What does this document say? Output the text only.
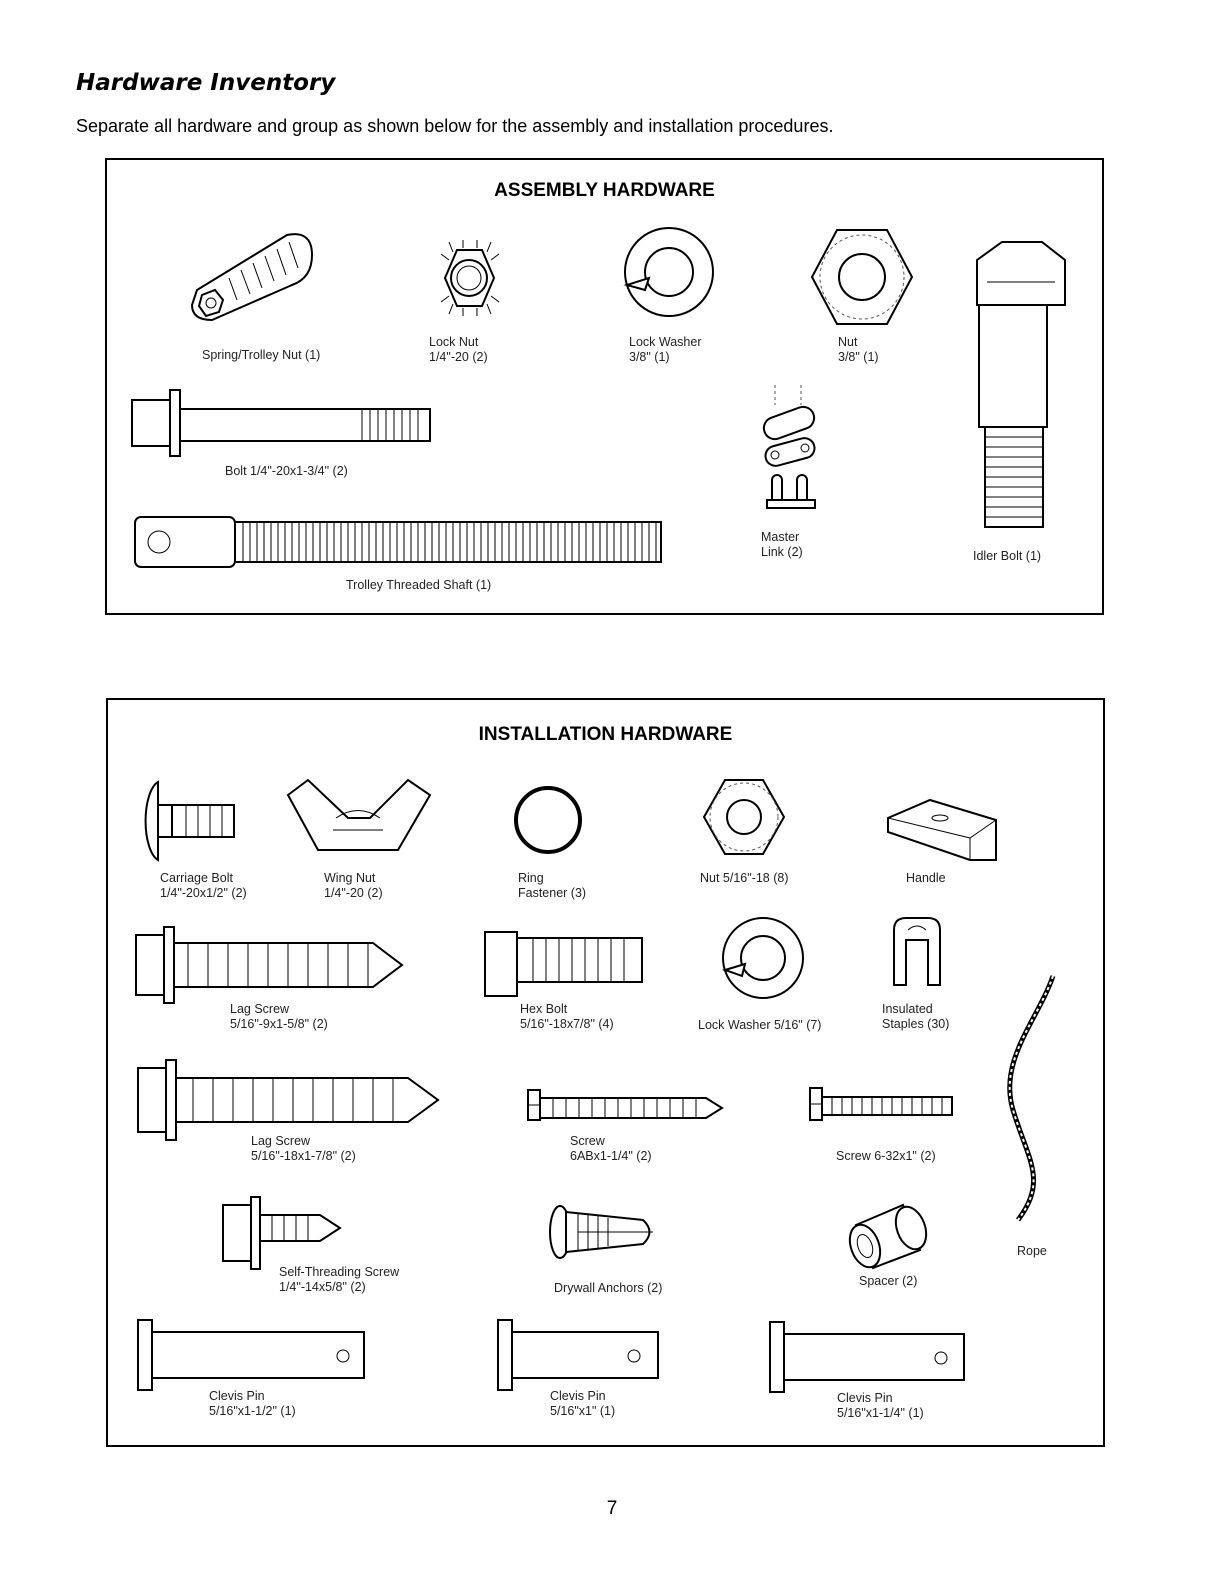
Hardware Inventory
Separate all hardware and group as shown below for the assembly and installation procedures.
ASSEMBLY HARDWARE
Spring/Trolley Nut (1)
Lock Nut
1/4"-20 (2)
Lock Washer
3/8" (1)
Nut
3/8" (1)
Bolt 1/4"-20x1-3/4" (2)
Master
Link (2)	Idler Bolt (1)
Trolley Threaded Shaft (1)
INSTALLATION HARDWARE
Carriage Bolt
1/4"-20x1/2" (2)
Wing Nut
1/4"-20 (2)
Ring
Fastener (3)
Nut 5/16"-18 (8)	Handle
Lag Screw
5/16"-9x1-5/8" (2)
Hex Bolt
5/16"-18x7/8" (4)	Lock Washer 5/16" (7)
Insulated
Staples (30)
Lag Screw
5/16"-18x1-7/8" (2)
Screw
6ABx1-1/4" (2)	Screw 6-32x1" (2)
Self-Threading Screw
1/4"-14x5/8" (2)	Drywall Anchors (2)	Spacer (2)
Rope
Clevis Pin
5/16"x1-1/2" (1)
Clevis Pin
5/16"x1" (1)
Clevis Pin
5/16"x1-1/4" (1)
7
